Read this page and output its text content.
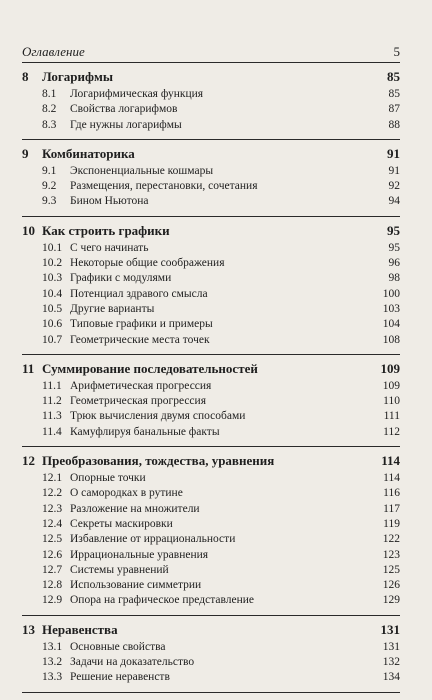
Оглавление	5
8	Логарифмы	85
8.1	Логарифмическая функция	85
8.2	Свойства логарифмов	87
8.3	Где нужны логарифмы	88
9	Комбинаторика	91
9.1	Экспоненциальные кошмары	91
9.2	Размещения, перестановки, сочетания	92
9.3	Бином Ньютона	94
10 Как строить графики	95
10.1 С чего начинать	95
10.2 Некоторые общие соображения	96
10.3 Графики с модулями	98
10.4 Потенциал здравого смысла	100
10.5 Другие варианты	103
10.6 Типовые графики и примеры	104
10.7 Геометрические места точек	108
11 Суммирование последовательностей	109
11.1 Арифметическая прогрессия	109
11.2 Геометрическая прогрессия	110
11.3 Трюк вычисления двумя способами	111
11.4 Камуфлируя банальные факты	112
12 Преобразования, тождества, уравнения	114
12.1 Опорные точки	114
12.2 О самородках в рутине	116
12.3 Разложение на множители	117
12.4 Секреты маскировки	119
12.5 Избавление от иррациональности	122
12.6 Иррациональные уравнения	123
12.7 Системы уравнений	125
12.8 Использование симметрии	126
12.9 Опора на графическое представление	129
13 Неравенства	131
13.1 Основные свойства	131
13.2 Задачи на доказательство	132
13.3 Решение неравенств	134
